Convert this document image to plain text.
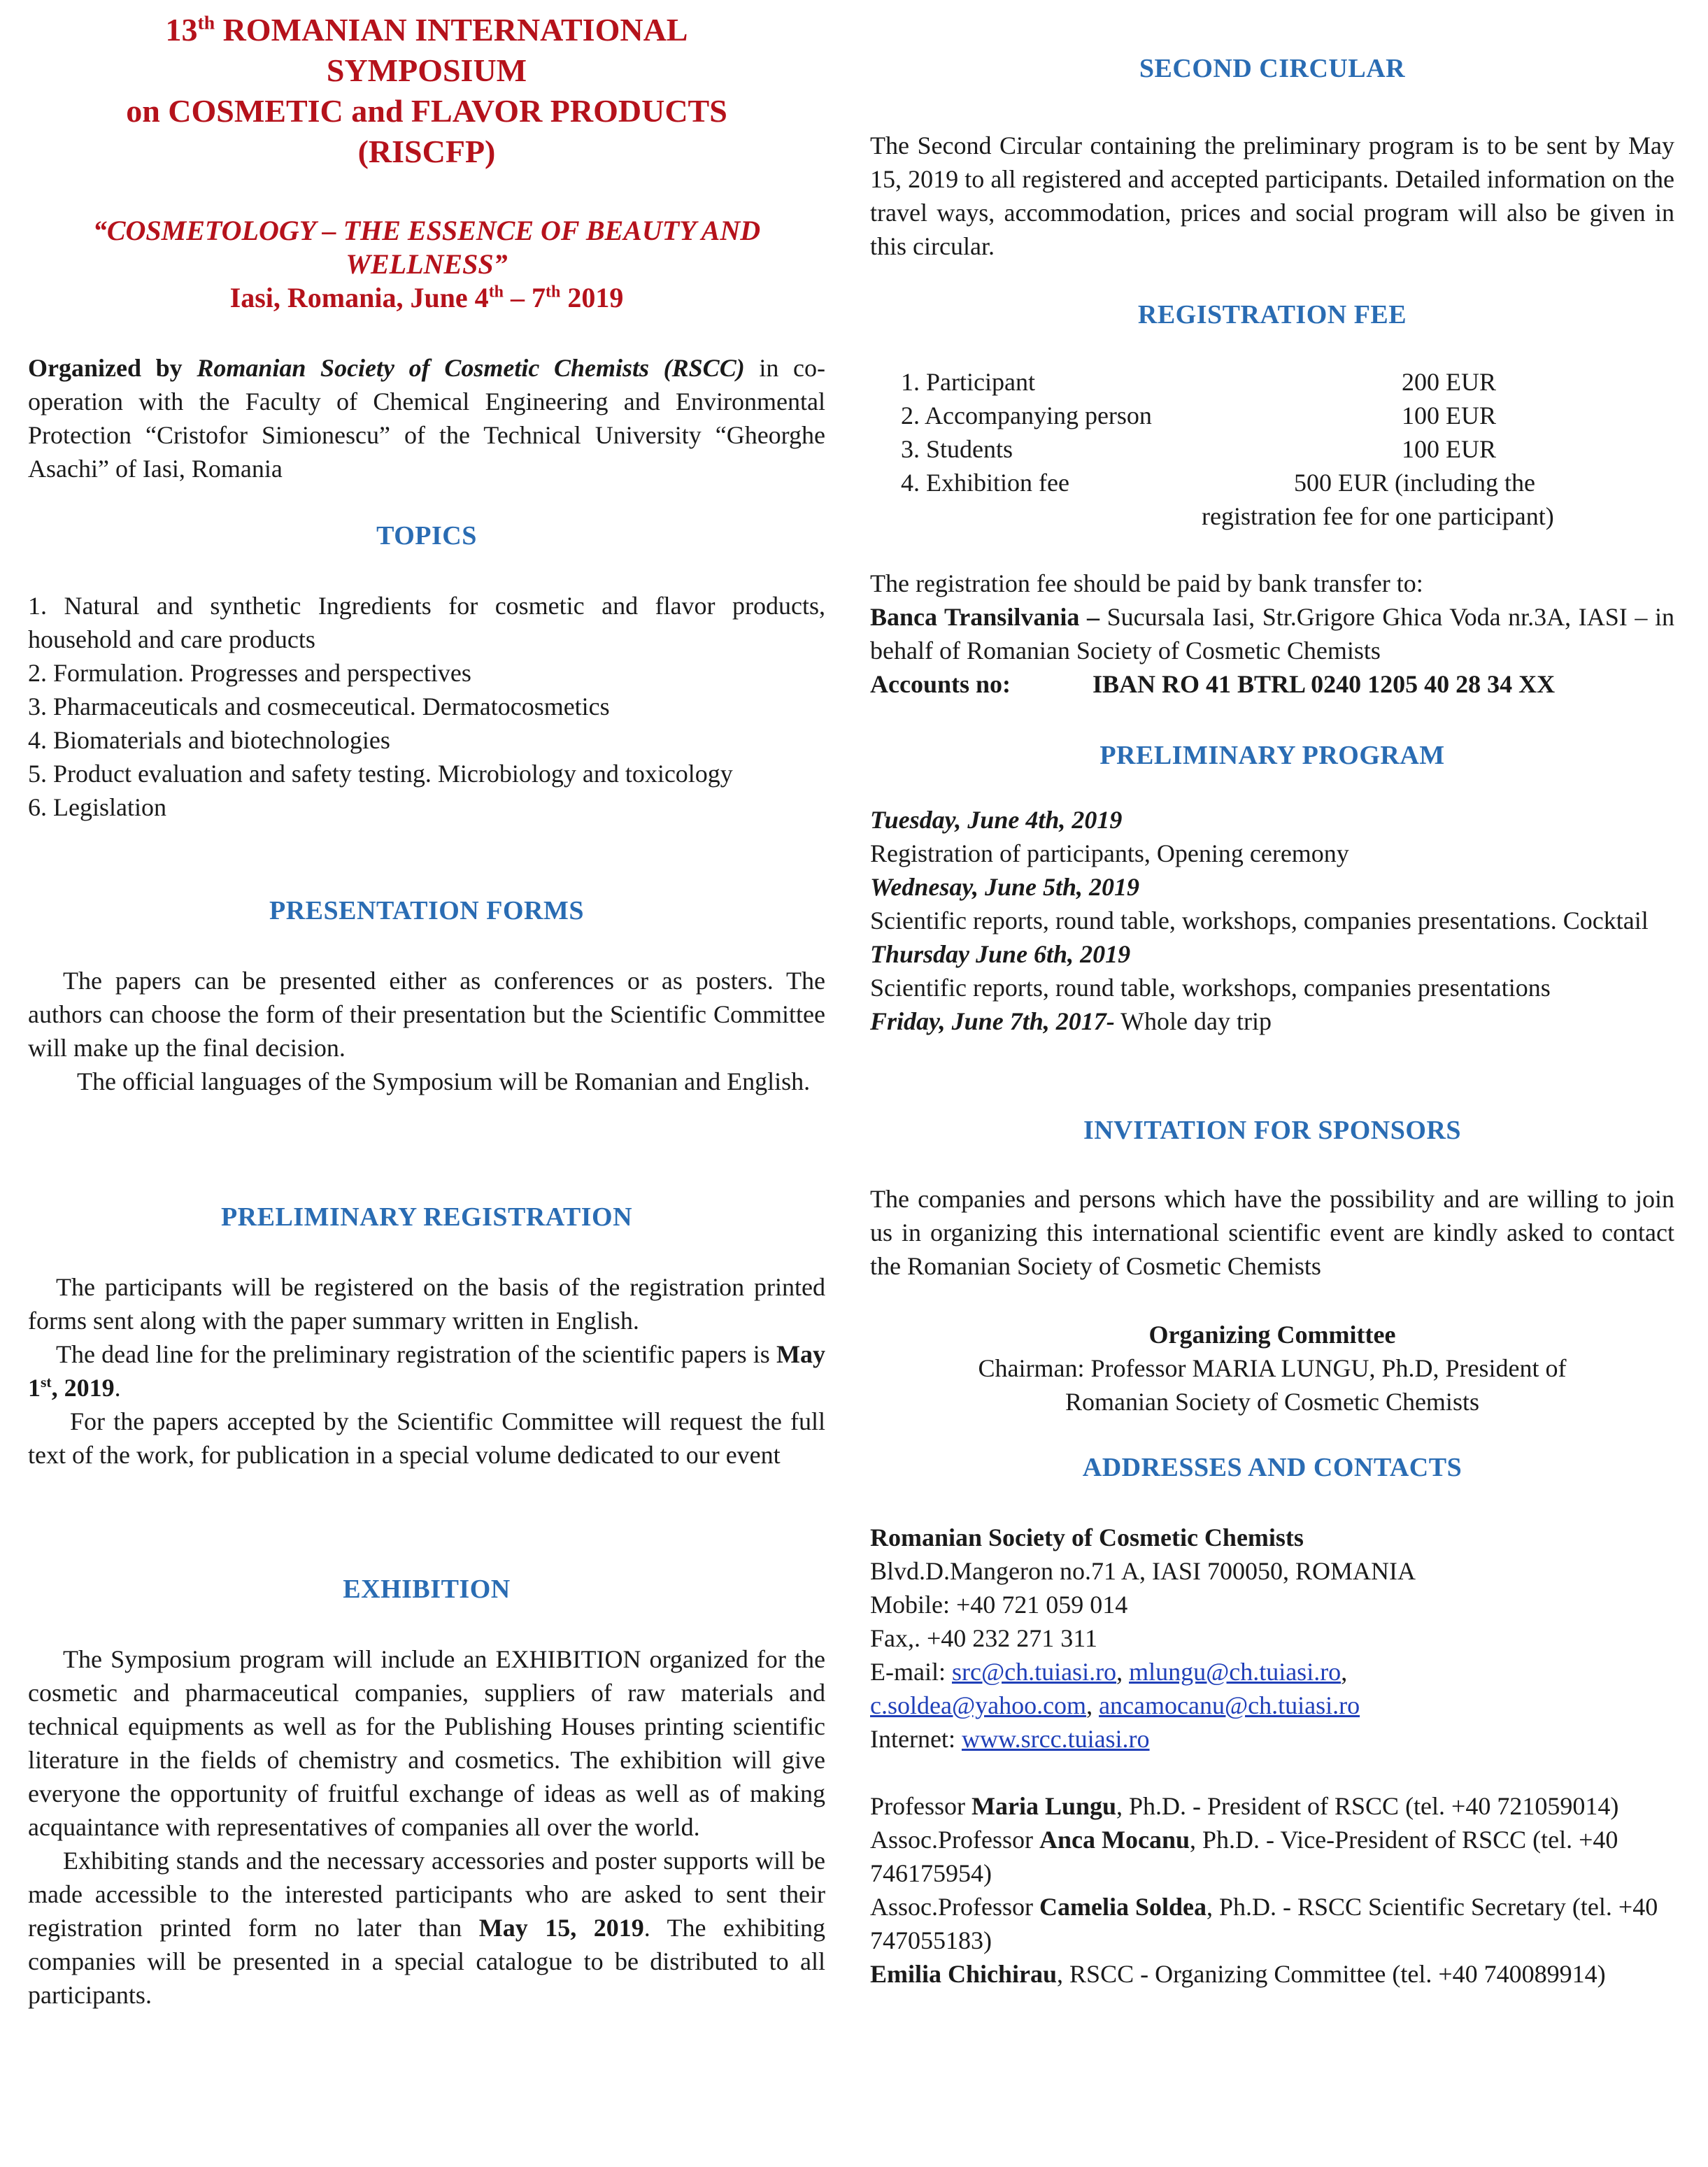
13th ROMANIAN INTERNATIONAL
SYMPOSIUM
on COSMETIC and FLAVOR PRODUCTS
(RISCFP)
“COSMETOLOGY – THE ESSENCE OF BEAUTY AND
WELLNESS”
Iasi, Romania, June 4th – 7th 2019
Organized by Romanian Society of Cosmetic Chemists (RSCC) in co-operation with the Faculty of Chemical Engineering and Environmental Protection “Cristofor Simionescu” of the Technical University “Gheorghe Asachi” of Iasi, Romania
TOPICS
1. Natural and synthetic Ingredients for cosmetic and flavor products, household and care products
2. Formulation. Progresses and perspectives
3. Pharmaceuticals and cosmeceutical. Dermatocosmetics
4. Biomaterials and biotechnologies
5. Product evaluation and safety testing. Microbiology and toxicology
6. Legislation
PRESENTATION FORMS
The papers can be presented either as conferences or as posters. The authors can choose the form of their presentation but the Scientific Committee will make up the final decision.
The official languages of the Symposium will be Romanian and English.
PRELIMINARY REGISTRATION
The participants will be registered on the basis of the registration printed forms sent along with the paper summary written in English.
The dead line for the preliminary registration of the scientific papers is May 1st, 2019.
For the papers accepted by the Scientific Committee will request the full text of the work, for publication in a special volume dedicated to our event
EXHIBITION
The Symposium program will include an EXHIBITION organized for the cosmetic and pharmaceutical companies, suppliers of raw materials and technical equipments as well as for the Publishing Houses printing scientific literature in the fields of chemistry and cosmetics. The exhibition will give everyone the opportunity of fruitful exchange of ideas as well as of making acquaintance with representatives of companies all over the world.
Exhibiting stands and the necessary accessories and poster supports will be made accessible to the interested participants who are asked to sent their registration printed form no later than May 15, 2019. The exhibiting companies will be presented in a special catalogue to be distributed to all participants.
SECOND CIRCULAR
The Second Circular containing the preliminary program is to be sent by May 15, 2019 to all registered and accepted participants. Detailed information on the travel ways, accommodation, prices and social program will also be given in this circular.
REGISTRATION FEE
1. Participant	200 EUR
2. Accompanying person	100 EUR
3. Students	100 EUR
4. Exhibition fee	500 EUR (including the
registration fee for one participant)
The registration fee should be paid by bank transfer to:
Banca Transilvania – Sucursala Iasi, Str.Grigore Ghica Voda nr.3A, IASI – in behalf of Romanian Society of Cosmetic Chemists
Accounts no:	IBAN RO 41 BTRL 0240 1205 40 28 34 XX
PRELIMINARY PROGRAM
Tuesday, June 4th, 2019
Registration of participants, Opening ceremony
Wednesay, June 5th, 2019
Scientific reports, round table, workshops, companies presentations. Cocktail
Thursday June 6th, 2019
Scientific reports, round table, workshops, companies presentations
Friday, June 7th, 2017- Whole day trip
INVITATION FOR SPONSORS
The companies and persons which have the possibility and are willing to join us in organizing this international scientific event are kindly asked to contact the Romanian Society of Cosmetic Chemists
Organizing Committee
Chairman: Professor MARIA LUNGU, Ph.D, President of
Romanian Society of Cosmetic Chemists
ADDRESSES AND CONTACTS
Romanian Society of Cosmetic Chemists
Blvd.D.Mangeron no.71 A, IASI 700050, ROMANIA
Mobile: +40 721 059 014
Fax,. +40 232 271 311
E-mail: src@ch.tuiasi.ro, mlungu@ch.tuiasi.ro,
c.soldea@yahoo.com, ancamocanu@ch.tuiasi.ro
Internet: www.srcc.tuiasi.ro
Professor Maria Lungu, Ph.D. - President of RSCC (tel. +40 721059014)
Assoc.Professor Anca Mocanu, Ph.D. - Vice-President of RSCC (tel. +40 746175954)
Assoc.Professor Camelia Soldea, Ph.D. - RSCC Scientific Secretary (tel. +40 747055183)
Emilia Chichirau, RSCC - Organizing Committee (tel. +40 740089914)
